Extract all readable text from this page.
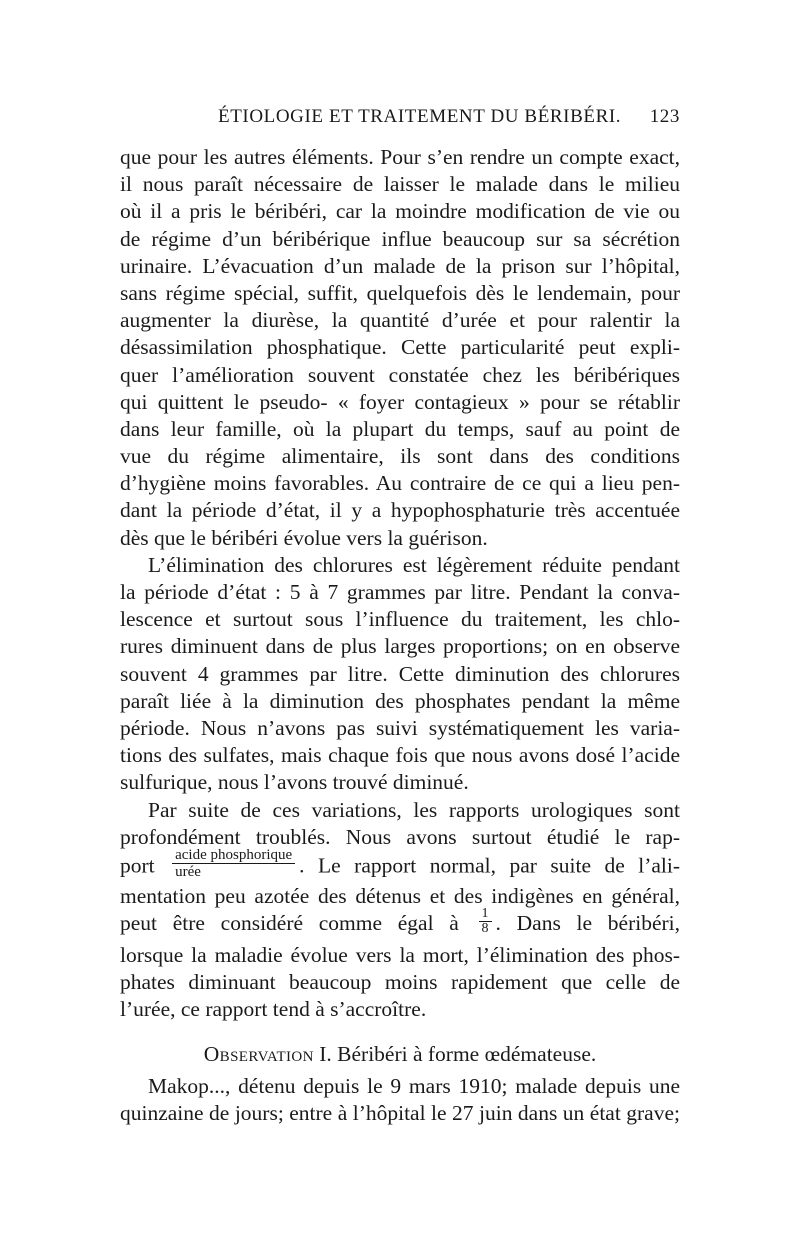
ÉTIOLOGIE ET TRAITEMENT DU BÉRIBÉRI. 123
que pour les autres éléments. Pour s’en rendre un compte exact,
il nous paraît nécessaire de laisser le malade dans le milieu
où il a pris le béribéri, car la moindre modification de vie ou
de régime d’un béribérique influe beaucoup sur sa sécrétion
urinaire. L’évacuation d’un malade de la prison sur l’hôpital,
sans régime spécial, suffit, quelquefois dès le lendemain, pour
augmenter la diurèse, la quantité d’urée et pour ralentir la
désassimilation phosphatique. Cette particularité peut expli-
quer l’amélioration souvent constatée chez les béribériques
qui quittent le pseudo- « foyer contagieux » pour se rétablir
dans leur famille, où la plupart du temps, sauf au point de
vue du régime alimentaire, ils sont dans des conditions
d’hygiène moins favorables. Au contraire de ce qui a lieu pen-
dant la période d’état, il y a hypophosphaturie très accentuée
dès que le béribéri évolue vers la guérison.
L’élimination des chlorures est légèrement réduite pendant
la période d’état : 5 à 7 grammes par litre. Pendant la conva-
lescence et surtout sous l’influence du traitement, les chlo-
rures diminuent dans de plus larges proportions; on en observe
souvent 4 grammes par litre. Cette diminution des chlorures
paraît liée à la diminution des phosphates pendant la même
période. Nous n’avons pas suivi systématiquement les varia-
tions des sulfates, mais chaque fois que nous avons dosé l’acide
sulfurique, nous l’avons trouvé diminué.
Par suite de ces variations, les rapports urologiques sont
profondément troublés. Nous avons surtout étudié le rap-
port $\frac{\text{acide phosphorique}}{\text{urée}}$ . Le rapport normal, par suite de l’ali-
mentation peu azotée des détenus et des indigènes en général,
peut être considéré comme égal à $\frac{1}{8}$ . Dans le béribéri,
lorsque la maladie évolue vers la mort, l’élimination des phos-
phates diminuant beaucoup moins rapidement que celle de
l’urée, ce rapport tend à s’accroître.
Observation I. Béribéri à forme œdémateuse.
Makop..., détenu depuis le 9 mars 1910; malade depuis une
quinzaine de jours; entre à l’hôpital le 27 juin dans un état grave;
